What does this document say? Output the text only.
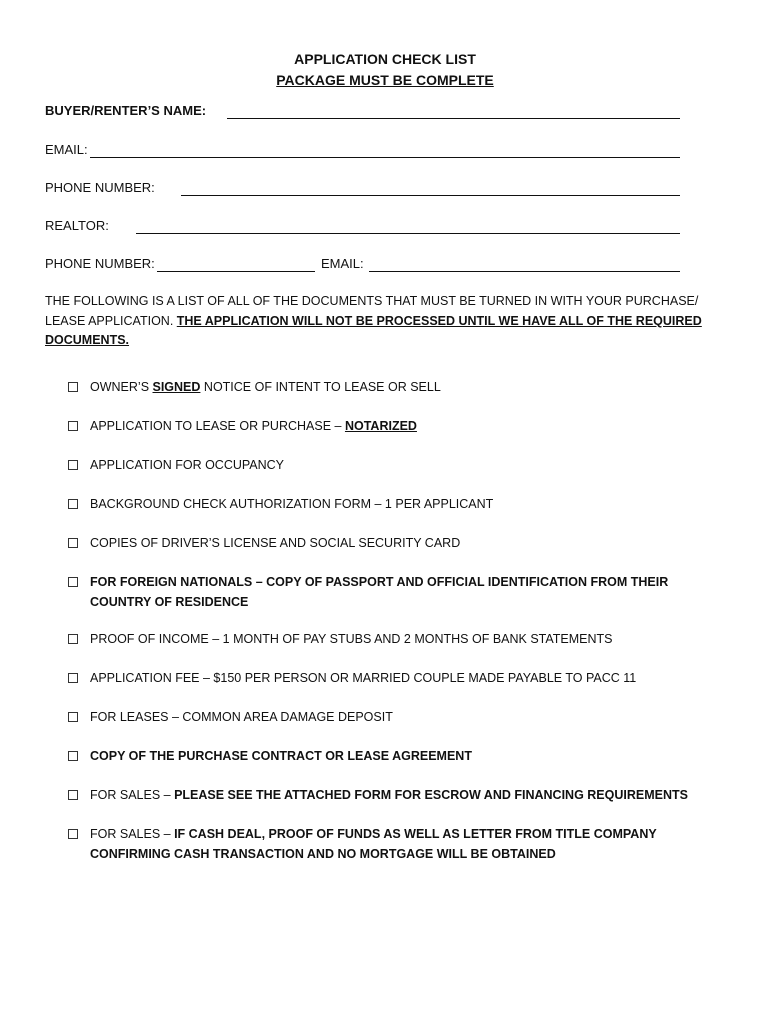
APPLICATION CHECK LIST
PACKAGE MUST BE COMPLETE
BUYER/RENTER’S NAME:
EMAIL:
PHONE NUMBER:
REALTOR:
PHONE NUMBER:	EMAIL:
THE FOLLOWING IS A LIST OF ALL OF THE DOCUMENTS THAT MUST BE TURNED IN WITH YOUR PURCHASE/ LEASE APPLICATION. THE APPLICATION WILL NOT BE PROCESSED UNTIL WE HAVE ALL OF THE REQUIRED DOCUMENTS.
OWNER’S SIGNED NOTICE OF INTENT TO LEASE OR SELL
APPLICATION TO LEASE OR PURCHASE – NOTARIZED
APPLICATION FOR OCCUPANCY
BACKGROUND CHECK AUTHORIZATION FORM – 1 PER APPLICANT
COPIES OF DRIVER’S LICENSE AND SOCIAL SECURITY CARD
FOR FOREIGN NATIONALS – COPY OF PASSPORT AND OFFICIAL IDENTIFICATION FROM THEIR COUNTRY OF RESIDENCE
PROOF OF INCOME – 1 MONTH OF PAY STUBS AND 2 MONTHS OF BANK STATEMENTS
APPLICATION FEE – $150 PER PERSON OR MARRIED COUPLE MADE PAYABLE TO PACC 11
FOR LEASES – COMMON AREA DAMAGE DEPOSIT
COPY OF THE PURCHASE CONTRACT OR LEASE AGREEMENT
FOR SALES – PLEASE SEE THE ATTACHED FORM FOR ESCROW AND FINANCING REQUIREMENTS
FOR SALES – IF CASH DEAL, PROOF OF FUNDS AS WELL AS LETTER FROM TITLE COMPANY CONFIRMING CASH TRANSACTION AND NO MORTGAGE WILL BE OBTAINED
